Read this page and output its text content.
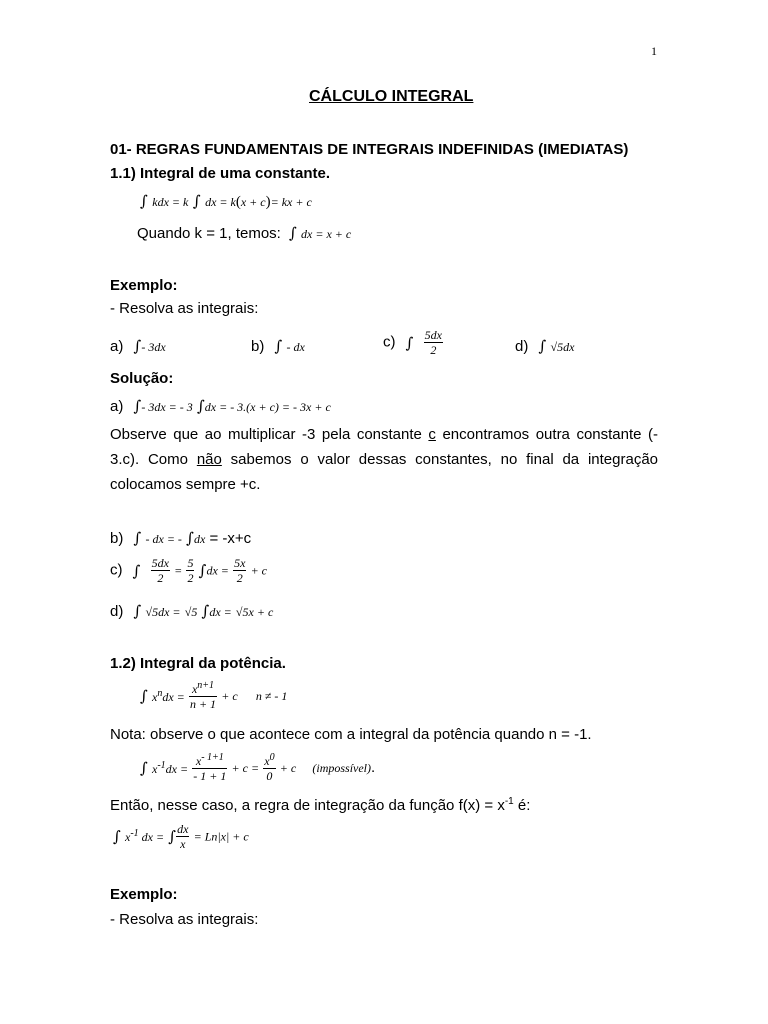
1
CÁLCULO INTEGRAL
01- REGRAS FUNDAMENTAIS DE INTEGRAIS INDEFINIDAS (IMEDIATAS)
1.1) Integral de uma constante.
∫ kdx = k ∫ dx = k(x + c)= kx + c
Quando k = 1, temos: ∫ dx = x + c
Exemplo:
- Resolva as integrais:
a) ∫- 3dx	b) ∫ - dx	c) ∫ $\frac{5dx}{2}$	d) ∫ √5dx
Solução:
a) ∫- 3dx = - 3 ∫dx = - 3.(x + c) = - 3x + c
Observe que ao multiplicar -3 pela constante c encontramos outra constante (-
3.c). Como não sabemos o valor dessas constantes, no final da integração
colocamos sempre +c.
b) ∫ - dx = - ∫dx = -x+c
c) ∫ $\frac{5dx}{2} = \frac{5}{2} \int dx = \frac{5x}{2} + c$
d) ∫ √5dx = √5 ∫dx = √5x + c
1.2) Integral da potência.
∫ $x^ndx = \frac{x^{n+1}}{n + 1} + c$ n ≠ - 1
Nota: observe o que acontece com a integral da potência quando n = -1.
∫ $x^{-1}dx = \frac{x^{- 1+1}}{- 1 + 1} + c = \frac{x^0}{0} + c$ (impossível).
Então, nesse caso, a regra de integração da função $f(x) = x^{-1}$ é:
∫ $x^{-1}$ dx = ∫ $\frac{dx}{x} = Ln|x| + c$
Exemplo:
- Resolva as integrais:
